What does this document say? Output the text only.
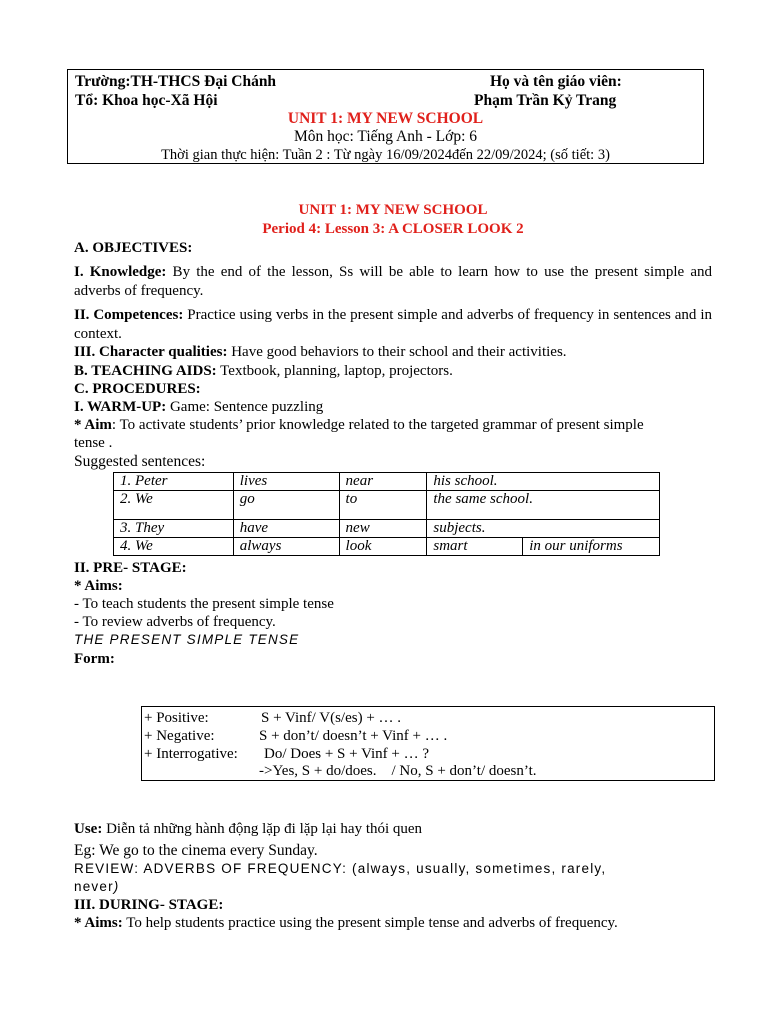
Trường:TH-THCS Đại Chánh	Họ và tên giáo viên:
Tổ: Khoa học-Xã Hội	Phạm Trần Kỷ Trang
UNIT 1: MY NEW SCHOOL
Môn học: Tiếng Anh - Lớp: 6
Thời gian thực hiện: Tuần 2 : Từ ngày 16/09/2024đến 22/09/2024; (số tiết: 3)
UNIT 1: MY NEW SCHOOL
Period 4: Lesson 3: A CLOSER LOOK 2
A. OBJECTIVES:
I. Knowledge: By the end of the lesson, Ss will be able to learn how to use the present simple and adverbs of frequency.
II. Competences: Practice using verbs in the present simple and adverbs of frequency in sentences and in context.
III. Character qualities: Have good behaviors to their school and their activities.
B. TEACHING AIDS: Textbook, planning, laptop, projectors.
C. PROCEDURES:
I. WARM-UP: Game: Sentence puzzling
* Aim: To activate students’ prior knowledge related to the targeted grammar of present simple tense .
Suggested sentences:
1. Peter	lives	near	his school.	
2. We	go	to	the same school.	
3. They	have	new	subjects.	
4. We	always	look	smart	in our uniforms
II. PRE- STAGE:
* Aims:
- To teach students the present simple tense
- To review adverbs of frequency.
THE PRESENT SIMPLE TENSE
Form:
+ Positive:	S + Vinf/ V(s/es) + … .
+ Negative:	S + don’t/ doesn’t + Vinf + … .
+ Interrogative: Do/ Does + S + Vinf + … ?
->Yes, S + do/does.    / No, S + don’t/ doesn’t.
Use: Diễn tả những hành động lặp đi lặp lại hay thói quen
Eg: We go to the cinema every Sunday.
REVIEW: ADVERBS OF FREQUENCY: (always, usually, sometimes, rarely,
never)
III. DURING- STAGE:
* Aims: To help students practice using the present simple tense and adverbs of frequency.
